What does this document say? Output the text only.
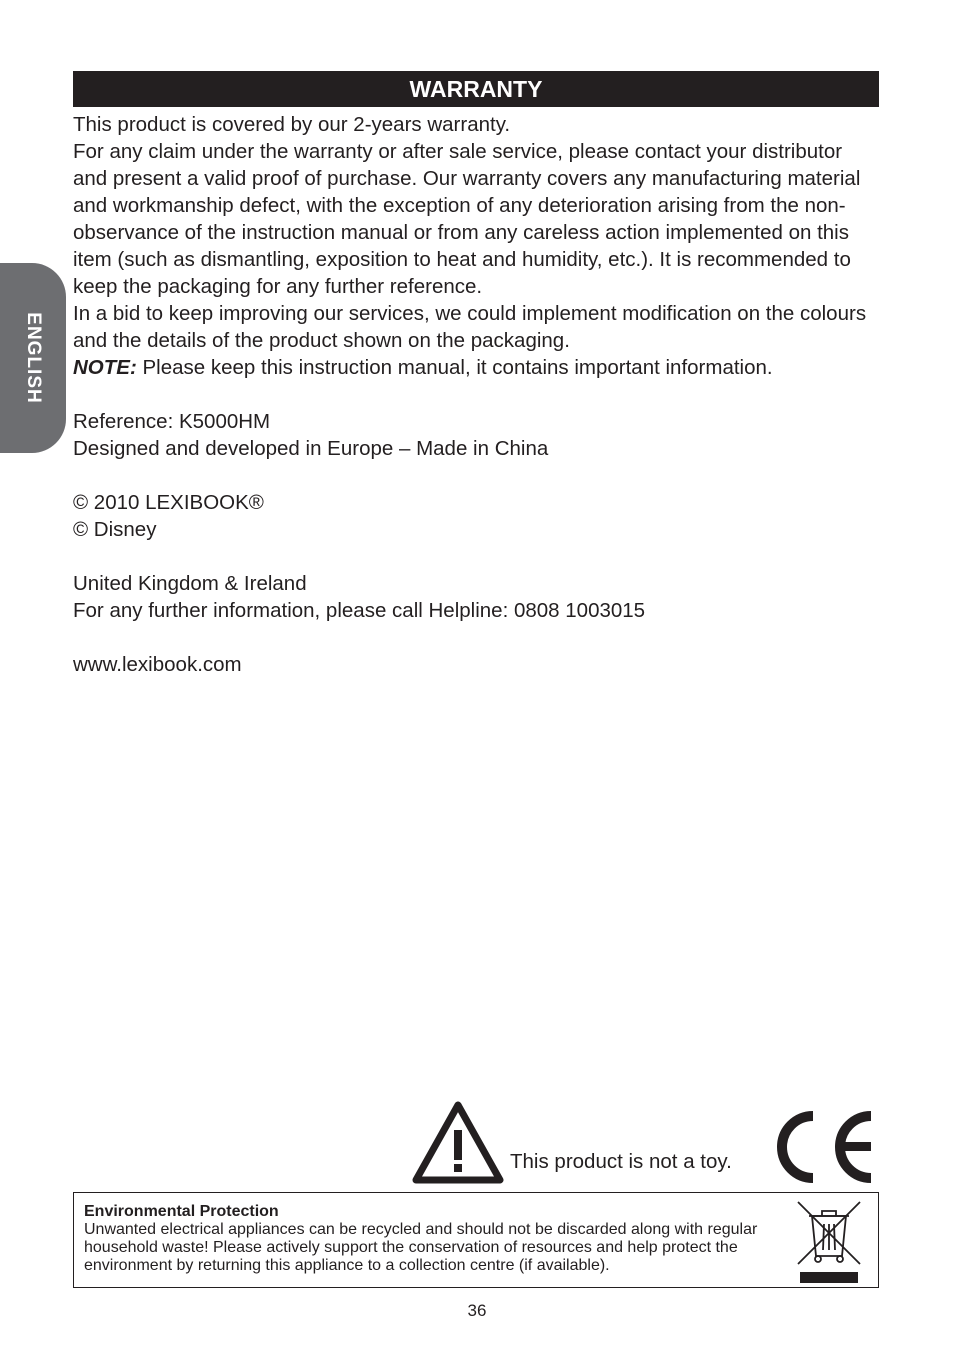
ENGLISH
WARRANTY

This product is covered by our 2-years warranty.

For any claim under the warranty or after sale service, please contact your distributor and present a valid proof of purchase. Our warranty covers any manufacturing material and workmanship defect, with the exception of any deterioration arising from the non-observance of the instruction manual or from any careless action implemented on this item (such as dismantling, exposition to heat and humidity, etc.). It is recommended to keep the packaging for any further reference.

In a bid to keep improving our services, we could implement modification on the colours and the details of the product shown on the packaging.

NOTE: Please keep this instruction manual, it contains important information.

Reference: K5000HM

Designed and developed in Europe – Made in China

© 2010 LEXIBOOK®

© Disney

United Kingdom & Ireland

For any further information, please call Helpline: 0808 1003015

www.lexibook.com

This product is not a toy.
Environmental Protection
Unwanted electrical appliances can be recycled and should not be discarded along with regular household waste! Please actively support the conservation of resources and help protect the environment by returning this appliance to a collection centre (if available).
36
